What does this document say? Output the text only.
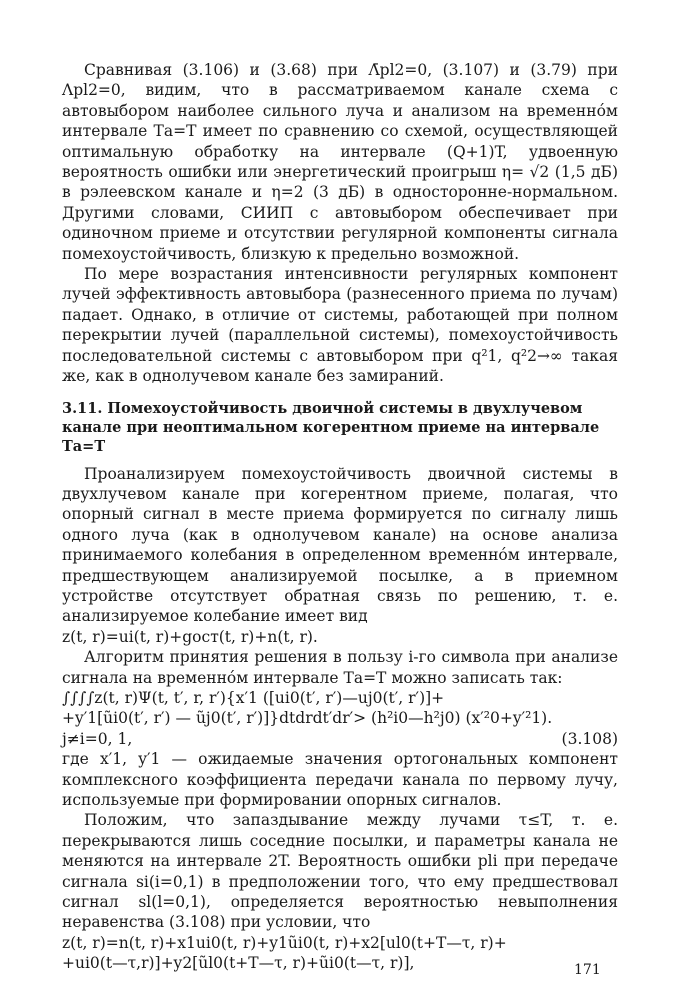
Сравнивая (3.106) и (3.68) при Λ̄pl2=0, (3.107) и (3.79) при Λpl2=0, видим, что в рассматриваемом канале схема с автовыбором наиболее сильного луча и анализом на временнóм интервале Tа=T имеет по сравнению со схемой, осуществляющей оптимальную обработку на интервале (Q+1)T, удвоенную вероятность ошибки или энергетический проигрыш η= √2 (1,5 дБ) в рэлеевском канале и η=2 (3 дБ) в односторонне-нормальном. Другими словами, СИИП с автовыбором обеспечивает при одиночном приеме и отсутствии регулярной компоненты сигнала помехоустойчивость, близкую к предельно возможной.

По мере возрастания интенсивности регулярных компонент лучей эффективность автовыбора (разнесенного приема по лучам) падает. Однако, в отличие от системы, работающей при полном перекрытии лучей (параллельной системы), помехоустойчивость последовательной системы с автовыбором при q²1, q²2→∞ такая же, как в однолучевом канале без замираний.

3.11. Помехоустойчивость двоичной системы в двухлучевом канале при неоптимальном когерентном приеме на интервале Tа=T

Проанализируем помехоустойчивость двоичной системы в двухлучевом канале при когерентном приеме, полагая, что опорный сигнал в месте приема формируется по сигналу лишь одного луча (как в однолучевом канале) на основе анализа принимаемого колебания в определенном временнóм интервале, предшествующем анализируемой посылке, а в приемном устройстве отсутствует обратная связь по решению, т. е. анализируемое колебание имеет вид

z(t, r)=ui(t, r)+gост(t, r)+n(t, r).

Алгоритм принятия решения в пользу i-го символа при анализе сигнала на временнóм интервале Tа=T можно записать так:

∫∫∫∫z(t, r)Ψ(t, t′, r, r′){x′1 ([ui0(t′, r′)—uj0(t′, r′)]+

+y′1[ũi0(t′, r′) — ũj0(t′, r′)]}dtdrdt′dr′> (h²i0—h²j0) (x′²0+y′²1).

j≠i=0, 1,	(3.108)

где x′1, y′1 — ожидаемые значения ортогональных компонент комплексного коэффициента передачи канала по первому лучу, используемые при формировании опорных сигналов.

Положим, что запаздывание между лучами τ≤T, т. е. перекрываются лишь соседние посылки, и параметры канала не меняются на интервале 2T. Вероятность ошибки pli при передаче сигнала si(i=0,1) в предположении того, что ему предшествовал сигнал sl(l=0,1), определяется вероятностью невыполнения неравенства (3.108) при условии, что

z(t, r)=n(t, r)+x1ui0(t, r)+y1ũi0(t, r)+x2[ul0(t+T—τ, r)+

+ui0(t—τ,r)]+y2[ũl0(t+T—τ, r)+ũi0(t—τ, r)],	171
